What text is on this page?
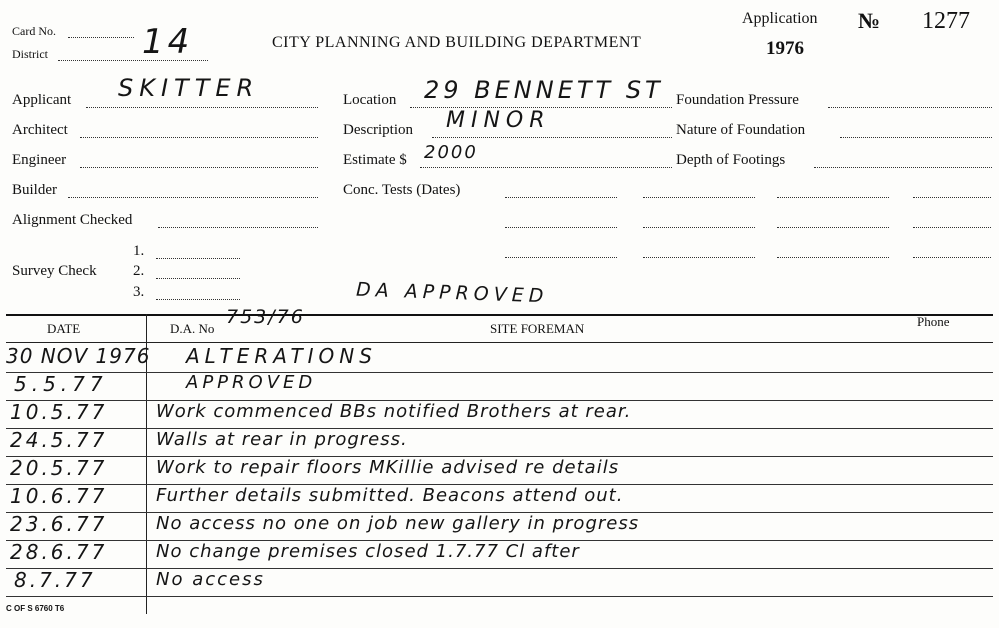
Card No.
District	14	CITY PLANNING AND BUILDING DEPARTMENT
Application
1976
№ 1277
Applicant SKITTER
Architect
Engineer
Builder
Alignment Checked
Survey Check
1.
2.
3.
Location 29 BENNETT ST
Description MINOR
Estimate $ 2000
Conc. Tests (Dates)
DA APPROVED
Foundation Pressure
Nature of Foundation
Depth of Footings
DATE	D.A. No
753/76
SITE FOREMAN	Phone
30 NOV 1976 ALTERATIONS
5.5.77	APPROVED
10.5.77	Work commenced BBs notified Brothers at rear.
24.5.77	Walls at rear in progress.
20.5.77	Work to repair floors MKillie advised re details
10.6.77	Further details submitted. Beacons attend out.
23.6.77	No access no one on job new gallery in progress
28.6.77	No change premises closed 1.7.77 Cl after
8.7.77	No access
C OF S 6760 T6
